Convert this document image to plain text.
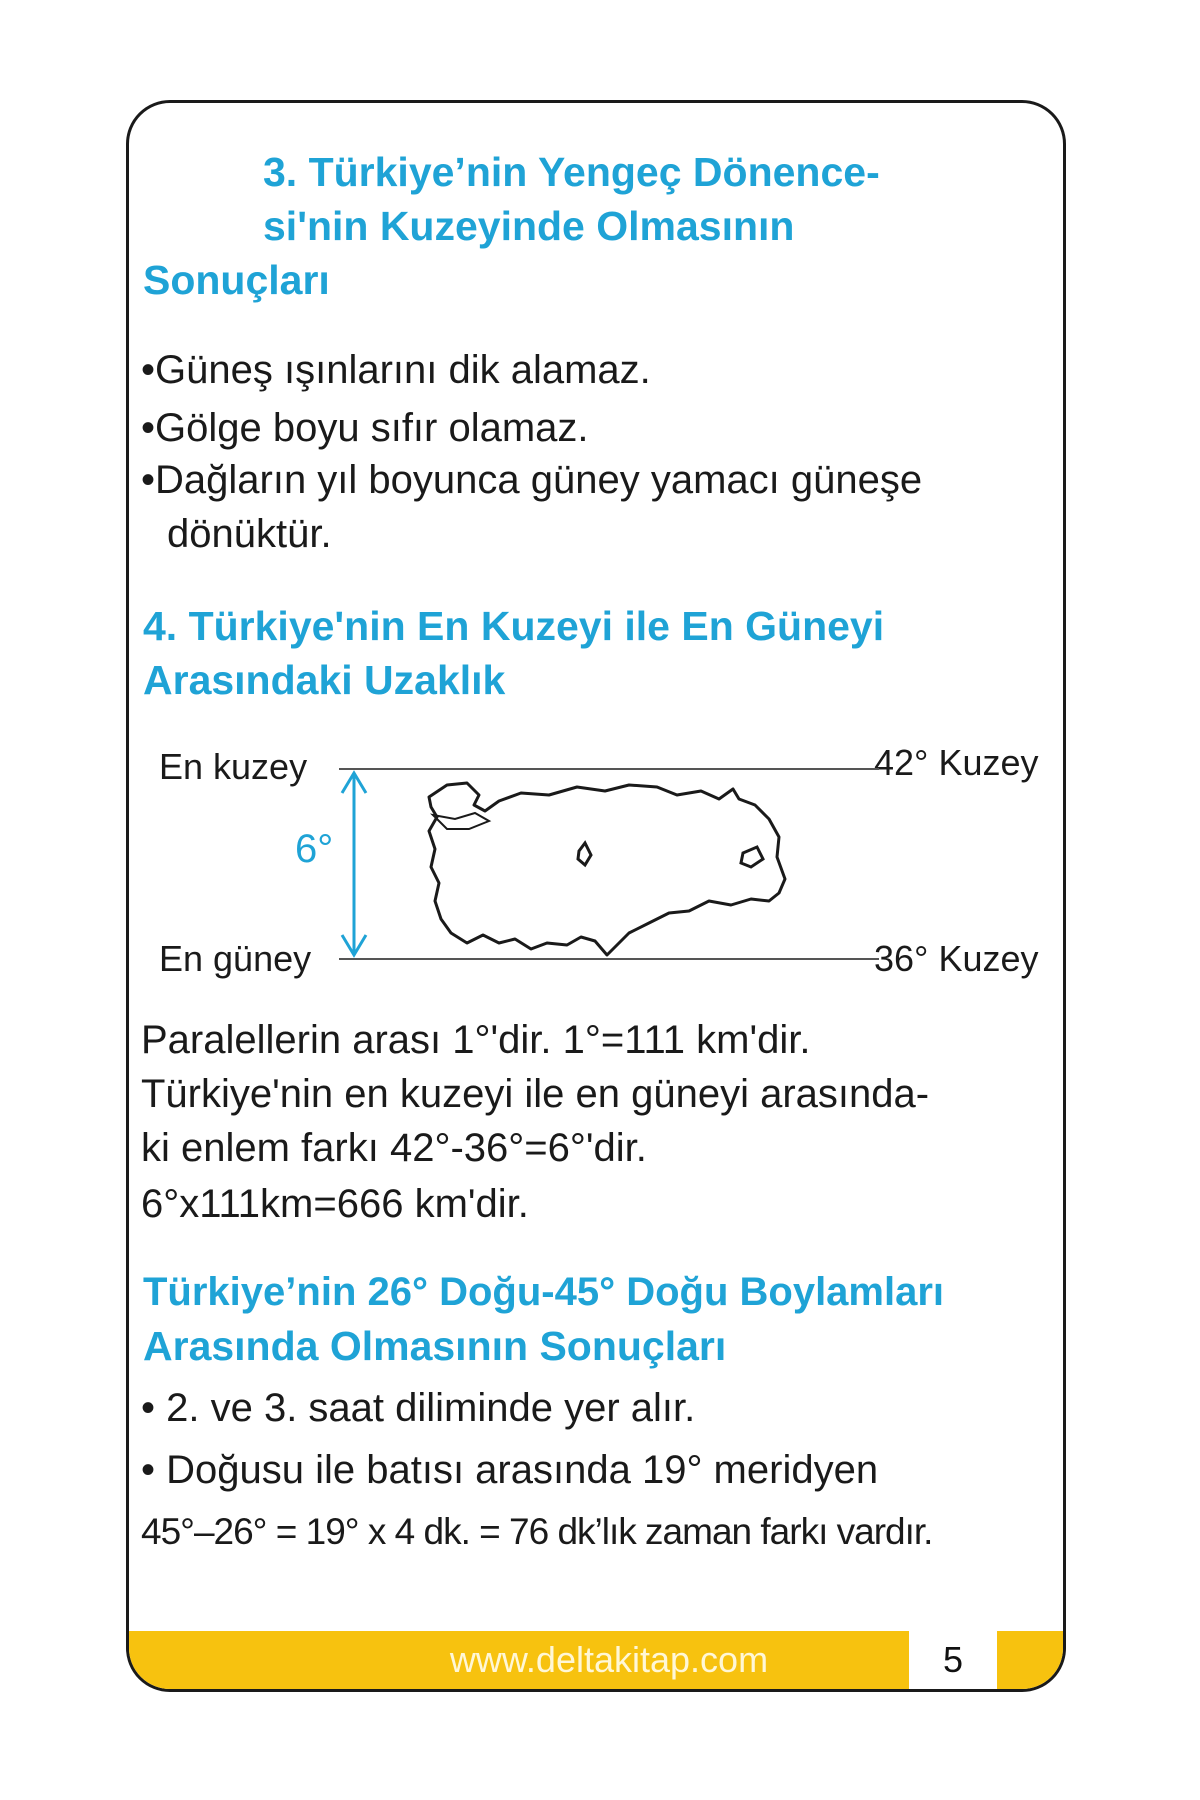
3. Türkiye’nin Yengeç Dönence-

si'nin Kuzeyinde Olmasının

Sonuçları

•Güneş ışınlarını dik alamaz.

•Gölge boyu sıfır olamaz.

•Dağların yıl boyunca güney yamacı güneşe

dönüktür.

4. Türkiye'nin En Kuzeyi ile En Güneyi

Arasındaki Uzaklık

En kuzey
En güney
42° Kuzey
36° Kuzey
6°

Paralellerin arası 1°'dir. 1°=111 km'dir.

Türkiye'nin en kuzeyi ile en güneyi arasında-

ki enlem farkı 42°-36°=6°'dir.

6°x111km=666 km'dir.

Türkiye’nin 26° Doğu-45° Doğu Boylamları

Arasında Olmasının Sonuçları

• 2. ve 3. saat diliminde yer alır.

• Doğusu ile batısı arasında 19° meridyen

45°–26° = 19° x 4 dk. = 76 dk’lık zaman farkı vardır.

www.deltakitap.com	5
